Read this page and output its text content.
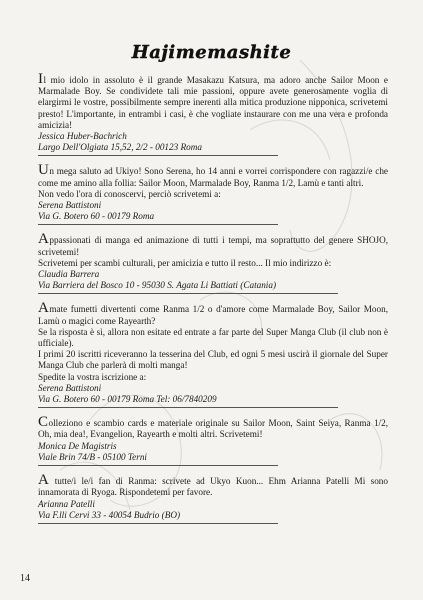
Hajimemashite

Il mio idolo in assoluto è il grande Masakazu Katsura, ma adoro anche Sailor Moon e Marmalade Boy. Se condividete tali mie passioni, oppure avete generosamente voglia di elargirmi le vostre, possibilmente sempre inerenti alla mitica produzione nipponica, scrivetemi presto! L'importante, in entrambi i casi, è che vogliate instaurare con me una vera e profonda amicizia!

Jessica Huber-Bachrich

Largo Dell'Olgiata 15,52, 2/2 - 00123 Roma

Un mega saluto ad Ukiyo! Sono Serena, ho 14 anni e vorrei corrispondere con ragazzi/e che come me amino alla follia: Sailor Moon, Marmalade Boy, Ranma 1/2, Lamù e tanti altri.

Non vedo l'ora di conoscervi, perciò scrivetemi a:

Serena Battistoni

Via G. Botero 60 - 00179 Roma

Appassionati di manga ed animazione di tutti i tempi, ma soprattutto del genere SHOJO, scrivetemi!

Scrivetemi per scambi culturali, per amicizia e tutto il resto... Il mio indirizzo è:

Claudia Barrera

Via Barriera del Bosco 10 - 95030 S. Agata Li Battiati (Catania)

Amate fumetti divertenti come Ranma 1/2 o d'amore come Marmalade Boy, Sailor Moon, Lamù o magici come Rayearth?

Se la risposta è sì, allora non esitate ed entrate a far parte del Super Manga Club (il club non è ufficiale).

I primi 20 iscritti riceveranno la tesserina del Club, ed ogni 5 mesi uscirà il giornale del Super Manga Club che parlerà di molti manga!

Spedite la vostra iscrizione a:

Serena Battistoni

Via G. Botero 60 - 00179 Roma Tel: 06/7840209

Colleziono e scambio cards e materiale originale su Sailor Moon, Saint Seiya, Ranma 1/2, Oh, mia dea!, Evangelion, Rayearth e molti altri. Scrivetemi!

Monica De Magistris

Viale Brin 74/B - 05100 Terni

A tutte/i le/i fan di Ranma: scrivete ad Ukyo Kuon... Ehm Arianna Patelli Mi sono innamorata di Ryoga. Rispondetemi per favore.

Arianna Patelli

Via F.lli Cervi 33 - 40054 Budrio (BO)

14
